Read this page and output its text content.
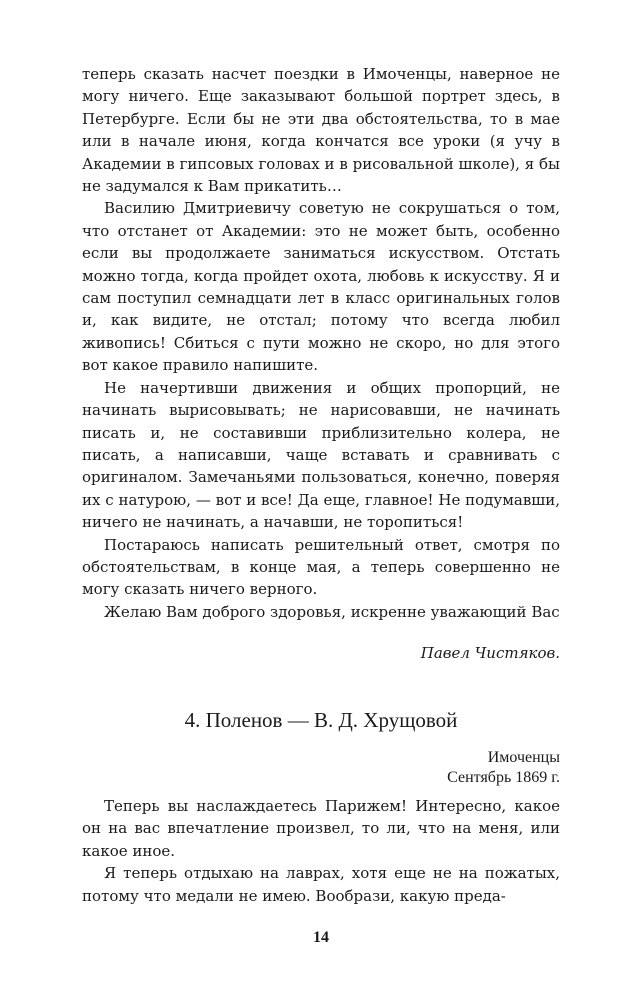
теперь сказать насчет поездки в Имоченцы, наверное не могу ничего. Еще заказывают большой портрет здесь, в Петербурге. Если бы не эти два обстоятельства, то в мае или в начале июня, когда кончатся все уроки (я учу в Академии в гипсовых головах и в рисовальной школе), я бы не задумался к Вам прикатить…

Василию Дмитриевичу советую не сокрушаться о том, что отстанет от Академии: это не может быть, особенно если вы продолжаете заниматься искусством. Отстать можно тогда, когда пройдет охота, любовь к искусству. Я и сам поступил семнадцати лет в класс оригинальных голов и, как видите, не отстал; потому что всегда любил живопись! Сбиться с пути можно не скоро, но для этого вот какое правило напишите.

Не начертивши движения и общих пропорций, не начинать вырисовывать; не нарисовавши, не начинать писать и, не составивши приблизительно колера, не писать, а написавши, чаще вставать и сравнивать с оригиналом. Замечаньями пользоваться, конечно, поверяя их с натурою, — вот и все! Да еще, главное! Не подумавши, ничего не начинать, а начавши, не торопиться!

Постараюсь написать решительный ответ, смотря по обстоятельствам, в конце мая, а теперь совершенно не могу сказать ничего верного.

Желаю Вам доброго здоровья, искренне уважающий Вас

Павел Чистяков.
4. Поленов — В. Д. Хрущовой
Имоченцы
Сентябрь 1869 г.

Теперь вы наслаждаетесь Парижем! Интересно, какое он на вас впечатление произвел, то ли, что на меня, или какое иное.

Я теперь отдыхаю на лаврах, хотя еще не на пожатых, потому что медали не имею. Вообрази, какую преда-

14
